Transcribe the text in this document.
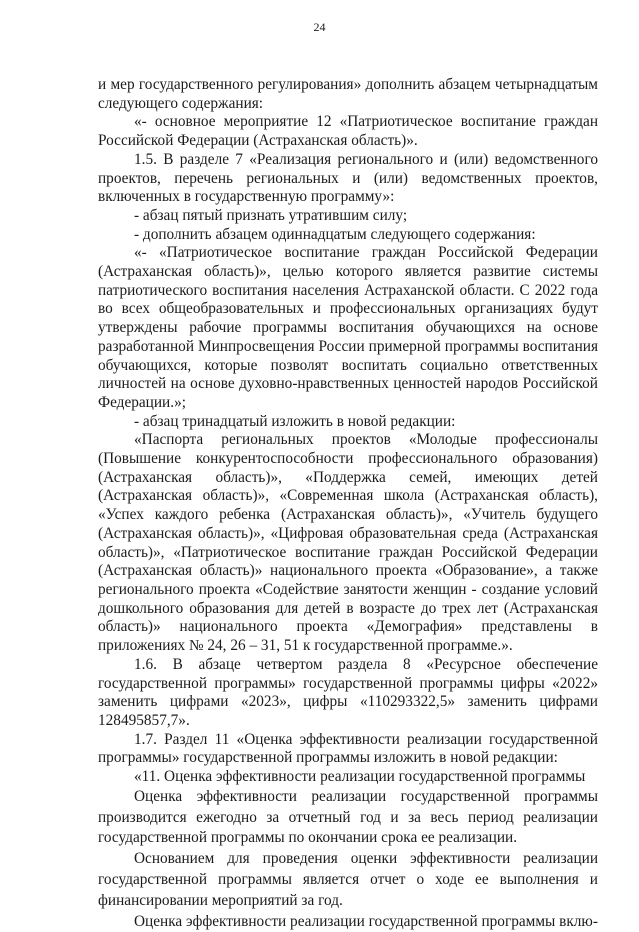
24

и мер государственного регулирования» дополнить абзацем четырнадцатым следующего содержания:

«- основное мероприятие 12 «Патриотическое воспитание граждан Российской Федерации (Астраханская область)».

1.5. В разделе 7 «Реализация регионального и (или) ведомственного проектов, перечень региональных и (или) ведомственных проектов, включенных в государственную программу»:

- абзац пятый признать утратившим силу;

- дополнить абзацем одиннадцатым следующего содержания:

«- «Патриотическое воспитание граждан Российской Федерации (Астраханская область)», целью которого является развитие системы патриотического воспитания населения Астраханской области. С 2022 года во всех общеобразовательных и профессиональных организациях будут утверждены рабочие программы воспитания обучающихся на основе разработанной Минпросвещения России примерной программы воспитания обучающихся, которые позволят воспитать социально ответственных личностей на основе духовно-нравственных ценностей народов Российской Федерации.»;

- абзац тринадцатый изложить в новой редакции:

«Паспорта региональных проектов «Молодые профессионалы (Повышение конкурентоспособности профессионального образования) (Астраханская область)», «Поддержка семей, имеющих детей (Астраханская область)», «Современная школа (Астраханская область), «Успех каждого ребенка (Астраханская область)», «Учитель будущего (Астраханская область)», «Цифровая образовательная среда (Астраханская область)», «Патриотическое воспитание граждан Российской Федерации (Астраханская область)» национального проекта «Образование», а также регионального проекта «Содействие занятости женщин - создание условий дошкольного образования для детей в возрасте до трех лет (Астраханская область)» национального проекта «Демография» представлены в приложениях № 24, 26 – 31, 51 к государственной программе.».

1.6. В абзаце четвертом раздела 8 «Ресурсное обеспечение государственной программы» государственной программы цифры «2022» заменить цифрами «2023», цифры «110293322,5» заменить цифрами 128495857,7».

1.7. Раздел 11 «Оценка эффективности реализации государственной программы» государственной программы изложить в новой редакции:

«11. Оценка эффективности реализации государственной программы

Оценка эффективности реализации государственной программы производится ежегодно за отчетный год и за весь период реализации государственной программы по окончании срока ее реализации.

Основанием для проведения оценки эффективности реализации государственной программы является отчет о ходе ее выполнения и финансировании мероприятий за год.

Оценка эффективности реализации государственной программы вклю-
